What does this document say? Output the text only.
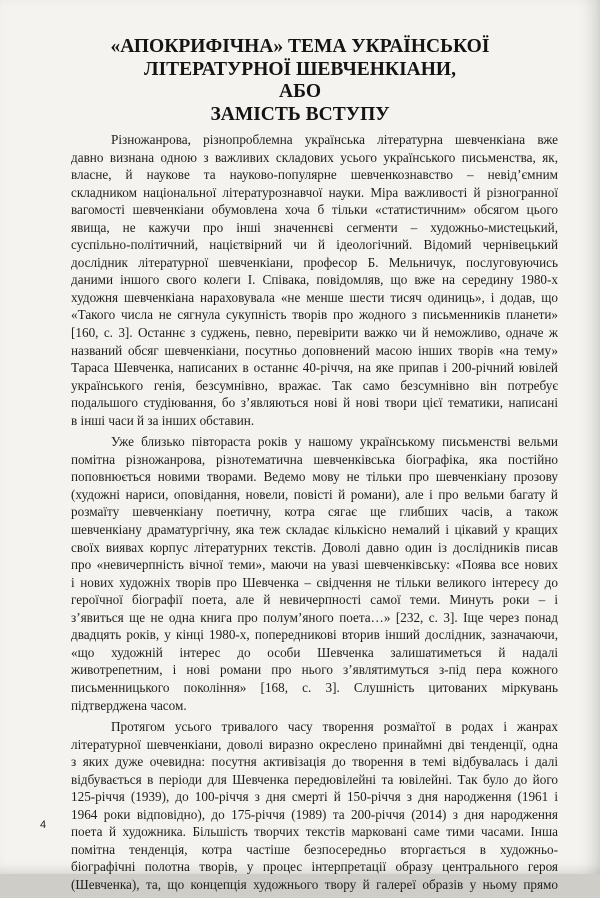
«АПОКРИФІЧНА» ТЕМА УКРАЇНСЬКОЇ
ЛІТЕРАТУРНОЇ ШЕВЧЕНКІАНИ,
АБО
ЗАМІСТЬ ВСТУПУ
Різножанрова, різнопроблемна українська літературна шевченкіана вже
давно визнана одною з важливих складових усього українського письменства, як,
власне, й наукове та науково-популярне шевченкознавство – невід’ємним
складником національної літературознавчої науки. Міра важливості й різногранної
вагомості шевченкіани обумовлена хоча б тільки «статистичним» обсягом цього
явища, не кажучи про інші значеннєві сегменти – художньо-мистецький,
суспільно-політичний, націєтвірний чи й ідеологічний. Відомий чернівецький
дослідник літературної шевченкіани, професор Б. Мельничук, послуговуючись
даними іншого свого колеги І. Співака, повідомляв, що вже на середину 1980-х
художня шевченкіана нараховувала «не менше шести тисяч одиниць», і додав, що
«Такого числа не сягнула сукупність творів про жодного з письменників планети»
[160, с. 3]. Останнє з суджень, певно, перевірити важко чи й неможливо, одначе ж
названий обсяг шевченкіани, посутньо доповнений масою інших творів «на тему»
Тараса Шевченка, написаних в останнє 40-річчя, на яке припав і 200-річний ювілей
українського генія, безсумнівно, вражає. Так само безсумнівно він потребує
подальшого студіювання, бо з’являються нові й нові твори цієї тематики, написані
в інші часи й за інших обставин.
Уже близько півтораста років у нашому українському письменстві вельми
помітна різножанрова, різнотематична шевченківська біографіка, яка постійно
поповнюється новими творами. Ведемо мову не тільки про шевченкіану прозову
(художні нариси, оповідання, новели, повісті й романи), але і про вельми багату й
розмаїту шевченкіану поетичну, котра сягає ще глибших часів, а також
шевченкіану драматургічну, яка теж складає кількісно немалий і цікавий у кращих
своїх виявах корпус літературних текстів. Доволі давно один із дослідників писав
про «невичерпність вічної теми», маючи на увазі шевченківську: «Поява все нових
і нових художніх творів про Шевченка – свідчення не тільки великого інтересу до
героїчної біографії поета, але й невичерпності самої теми. Минуть роки – і
з’явиться ще не одна книга про полум’яного поета…» [232, с. 3]. Іще через понад
двадцять років, у кінці 1980-х, попередникові вторив інший дослідник, зазначаючи,
«що художній інтерес до особи Шевченка залишатиметься й надалі
животрепетним, і нові романи про нього з’являтимуться з-під пера кожного
письменницького покоління» [168, с. 3]. Слушність цитованих міркувань
підтверджена часом.
Протягом усього тривалого часу творення розмаїтої в родах і жанрах
літературної шевченкіани, доволі виразно окреслено принаймні дві тенденції, одна
з яких дуже очевидна: посутня активізація до творення в темі відбувалась і далі
відбувається в періоди для Шевченка передювілейні та ювілейні. Так було до його
125-річчя (1939), до 100-річчя з дня смерті й 150-річчя з дня народження (1961 і
1964 роки відповідно), до 175-річчя (1989) та 200-річчя (2014) з дня народження
поета й художника. Більшість творчих текстів марковані саме тими часами. Інша
помітна тенденція, котра частіше безпосередньо вторгається в художньо-
біографічні полотна творів, у процес інтерпретації образу центрального героя
(Шевченка), та, що концепція художнього твору й галереї образів у ньому прямо
4
